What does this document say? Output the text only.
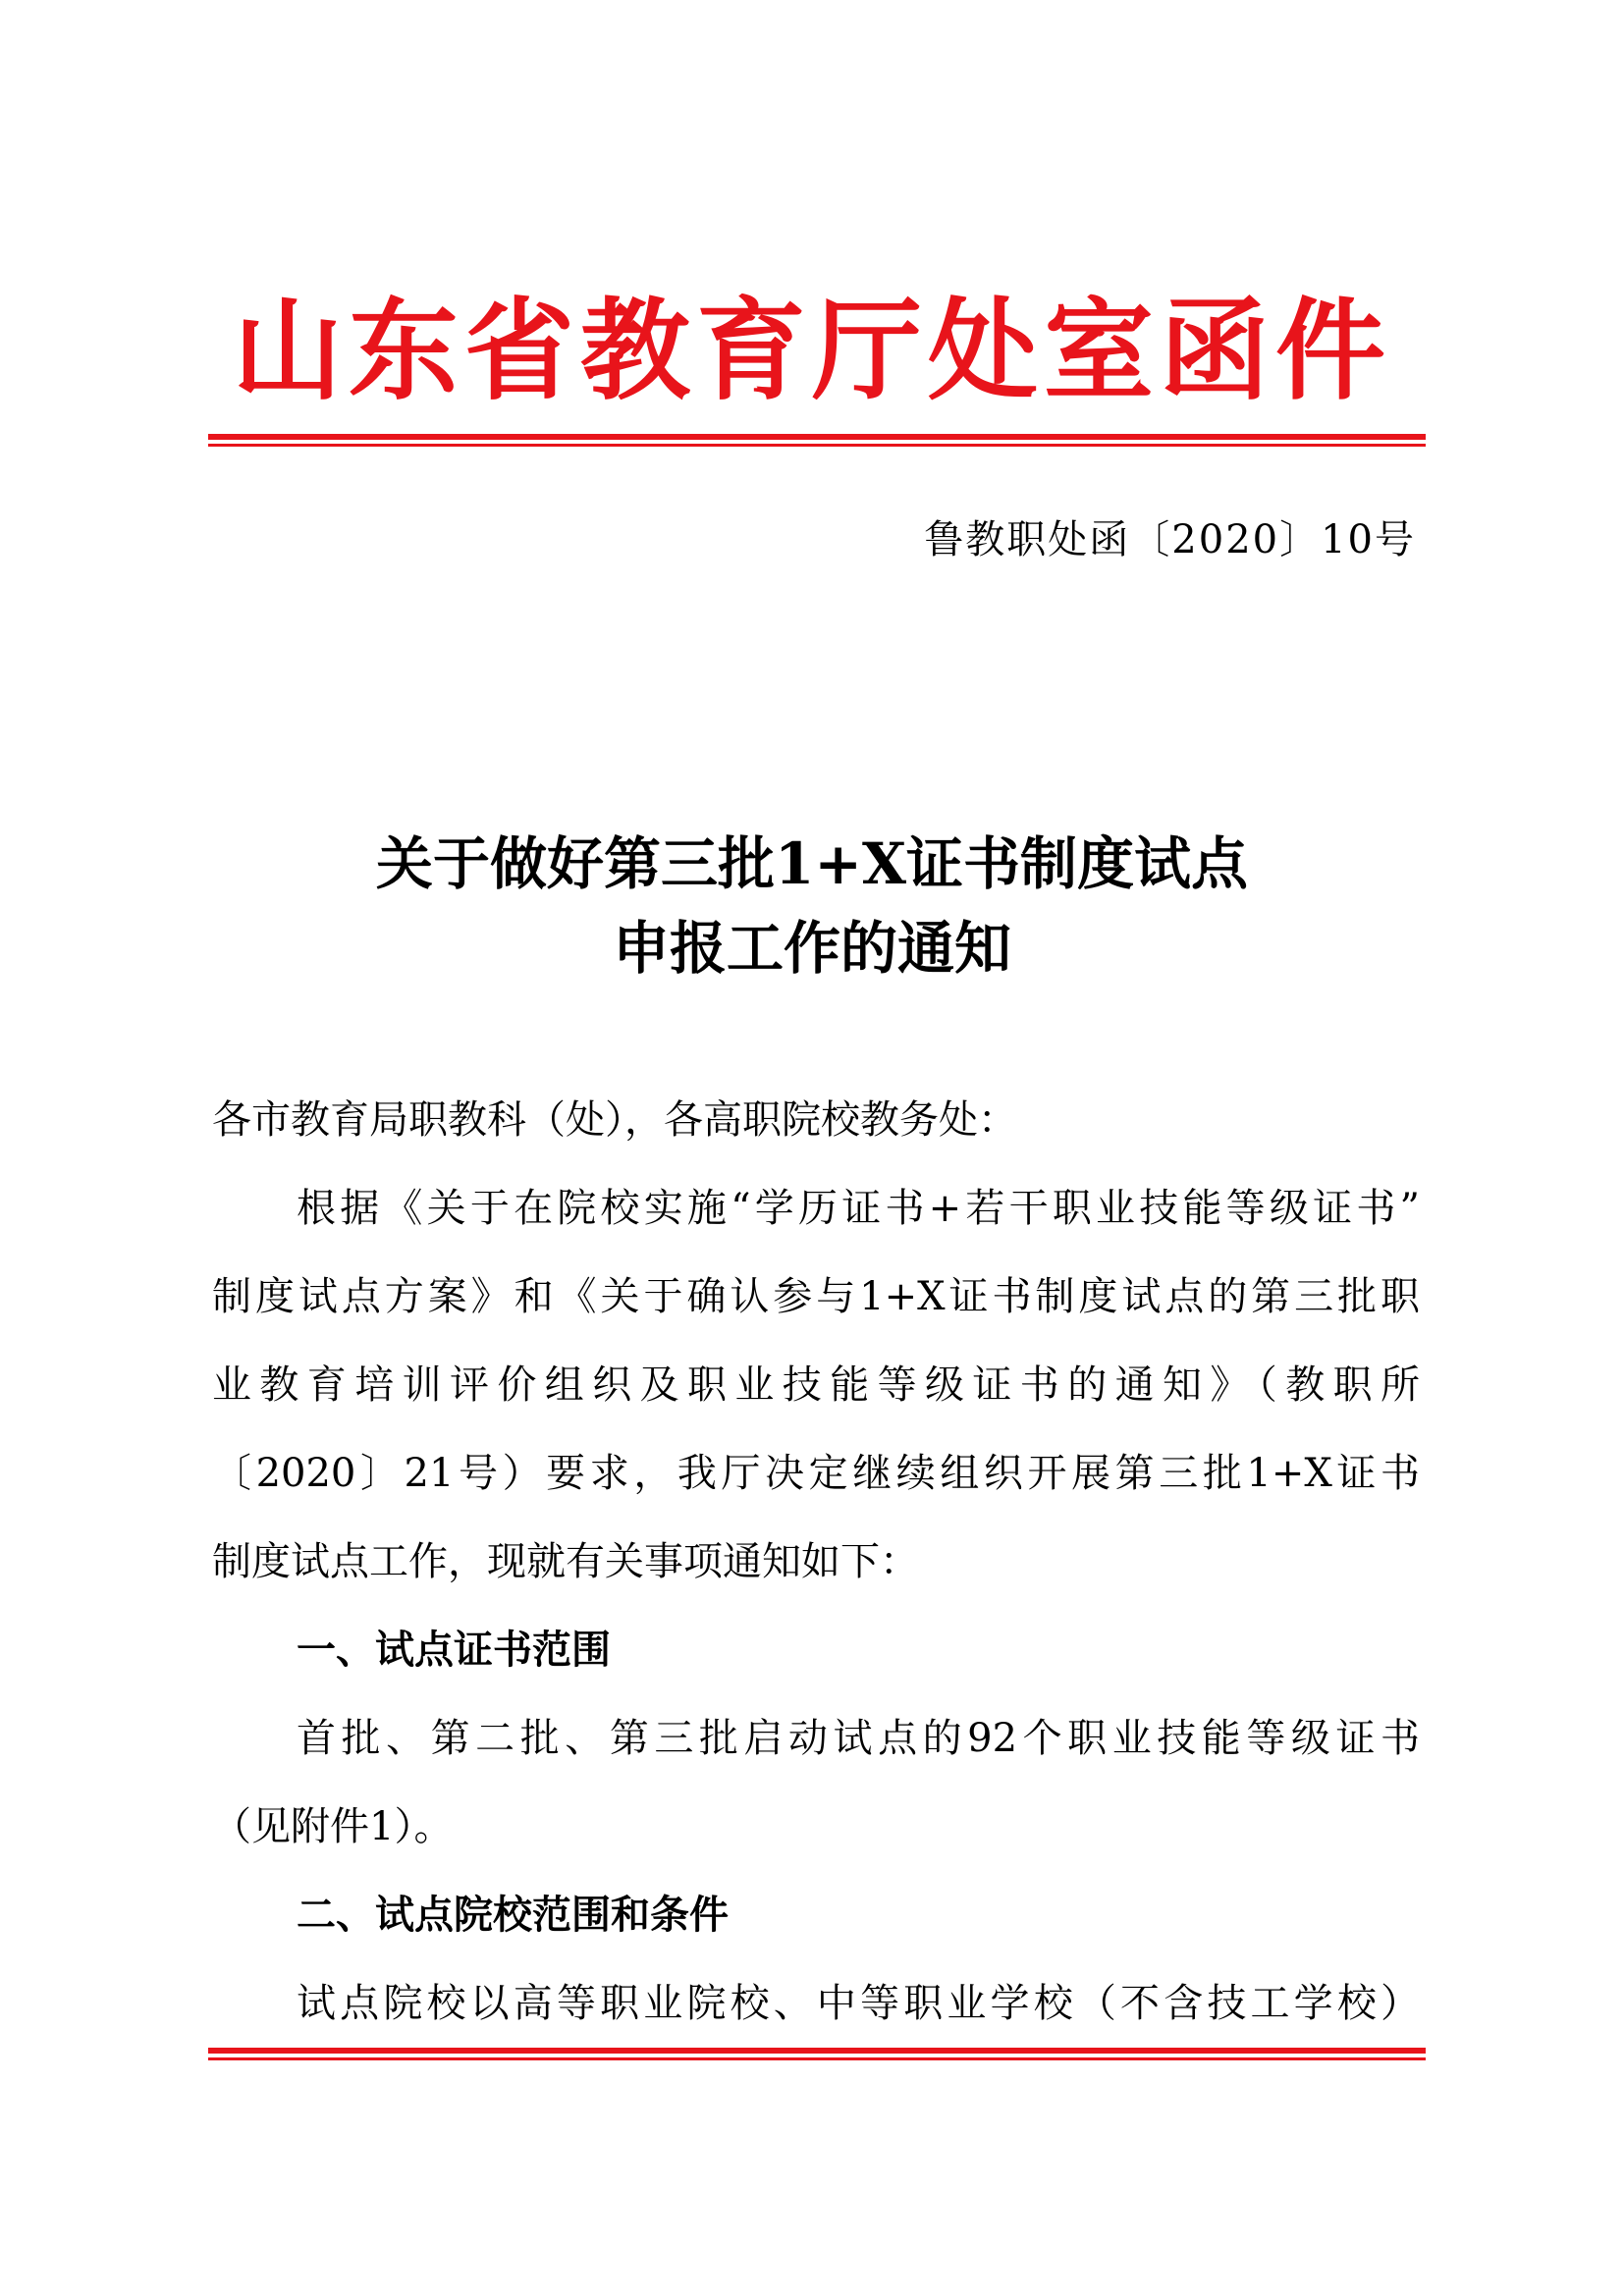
山东省教育厅处室函件
鲁教职处函〔2020〕10号
关于做好第三批1+X证书制度试点
申报工作的通知
各市教育局职教科（处），各高职院校教务处：
根据《关于在院校实施“学历证书+若干职业技能等级证书”
制度试点方案》和《关于确认参与1+X证书制度试点的第三批职
业教育培训评价组织及职业技能等级证书的通知》（教职所
〔2020〕21号）要求，我厅决定继续组织开展第三批1+X证书
制度试点工作，现就有关事项通知如下：
一、试点证书范围
首批、第二批、第三批启动试点的92个职业技能等级证书
（见附件1）。
二、试点院校范围和条件
试点院校以高等职业院校、中等职业学校（不含技工学校）
